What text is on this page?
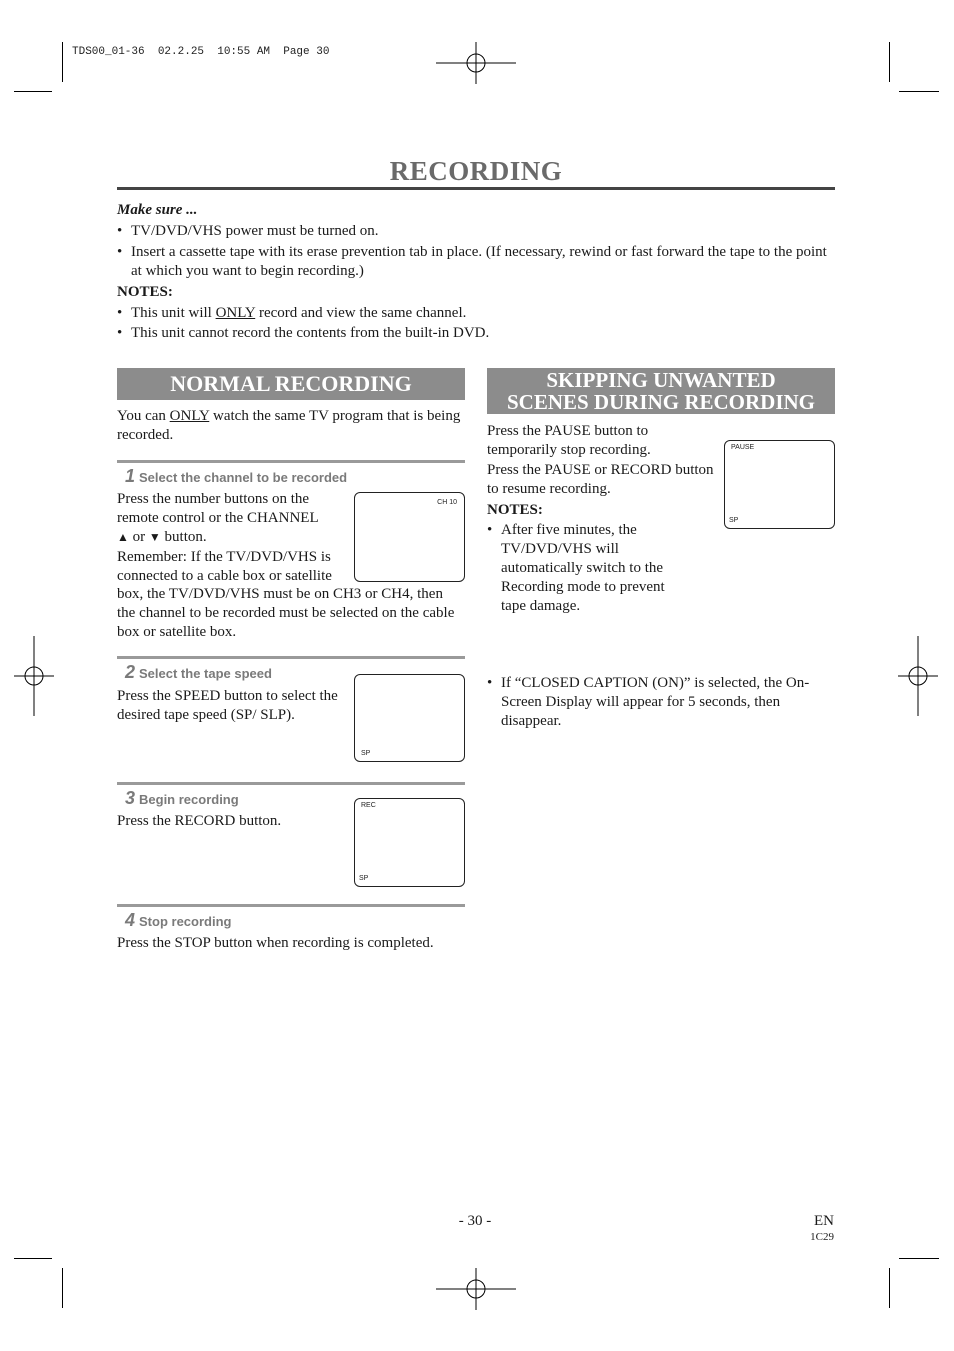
TDS00_01-36  02.2.25  10:55 AM  Page 30
RECORDING
Make sure ...
• TV/DVD/VHS power must be turned on.
• Insert a cassette tape with its erase prevention tab in place. (If necessary, rewind or fast forward the tape to the point at which you want to begin recording.)
NOTES:
• This unit will ONLY record and view the same channel.
• This unit cannot record the contents from the built-in DVD.
NORMAL RECORDING
You can ONLY watch the same TV program that is being recorded.
1 Select the channel to be recorded
Press the number buttons on the remote control or the CHANNEL
▲ or ▼ button.
Remember: If the TV/DVD/VHS is connected to a cable box or satellite
box, the TV/DVD/VHS must be on CH3 or CH4, then the channel to be recorded must be selected on the cable box or satellite box.
CH 10
2 Select the tape speed
Press the SPEED button to select the desired tape speed (SP/ SLP).
SP
3 Begin recording
Press the RECORD button.
REC
SP
4 Stop recording
Press the STOP button when recording is completed.
SKIPPING UNWANTED
SCENES DURING RECORDING
Press the PAUSE button to temporarily stop recording.
Press the PAUSE or RECORD button to resume recording.
NOTES:
• After five minutes, the TV/DVD/VHS will automatically switch to the Recording mode to prevent tape damage.
• If “CLOSED CAPTION (ON)” is selected, the On-Screen Display will appear for 5 seconds, then disappear.
PAUSE
SP
- 30 -	EN
1C29
